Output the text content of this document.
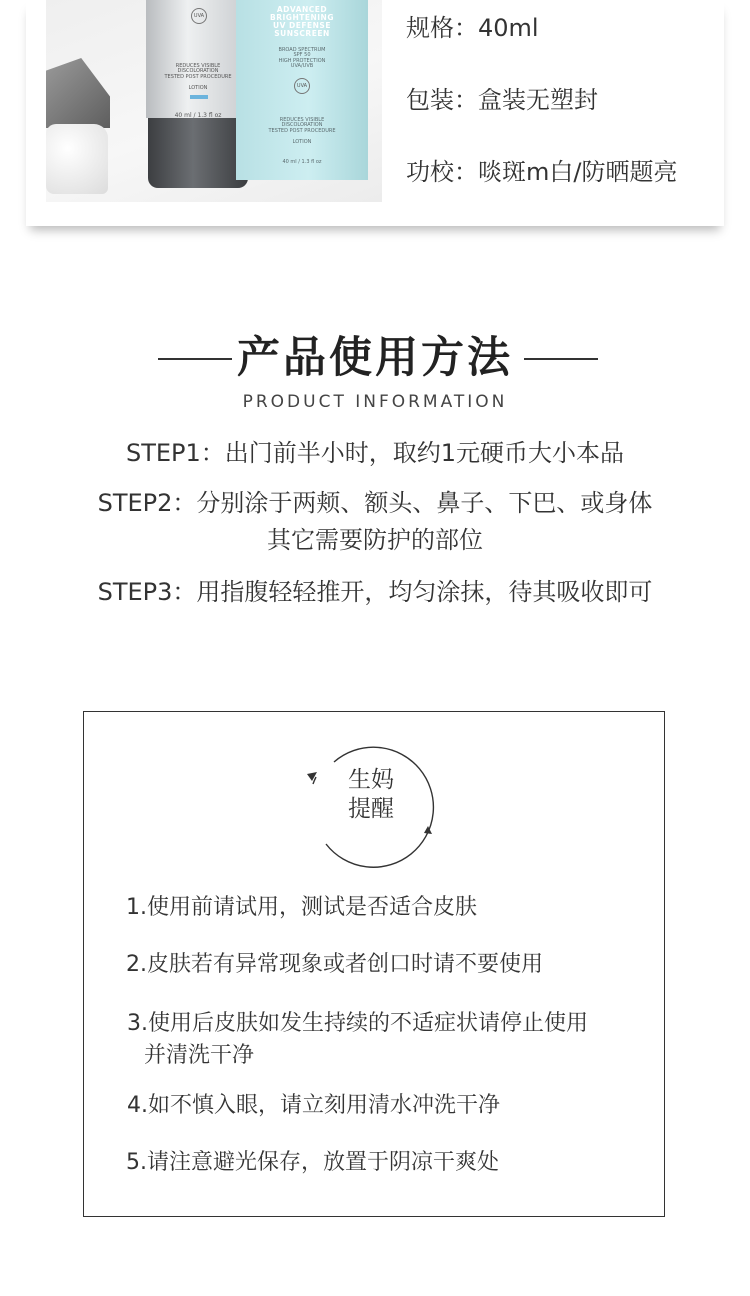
UVA
REDUCES VISIBLE
DISCOLORATION
TESTED POST PROCEDURE
LOTION
40 ml / 1.3 fl oz
ADVANCED
BRIGHTENING
UV DEFENSE
SUNSCREEN
BROAD SPECTRUM
SPF 50
HIGH PROTECTION
UVA/UVB
UVA
REDUCES VISIBLE
DISCOLORATION
TESTED POST PROCEDURE
LOTION
40 ml / 1.3 fl oz
规格：40ml
包装：盒装无塑封
功校：啖斑m白/防晒题亮
产品使用方法
PRODUCT INFORMATION
STEP1：出门前半小时，取约1元硬币大小本品
STEP2：分别涂于两颊、额头、鼻子、下巴、或身体
其它需要防护的部位
STEP3：用指腹轻轻推开，均匀涂抹，待其吸收即可
生妈
提醒
1.使用前请试用，测试是否适合皮肤
2.皮肤若有异常现象或者创口时请不要使用
3.使用后皮肤如发生持续的不适症状请停止使用
并清洗干净
4.如不慎入眼，请立刻用清水冲洗干净
5.请注意避光保存，放置于阴凉干爽处
